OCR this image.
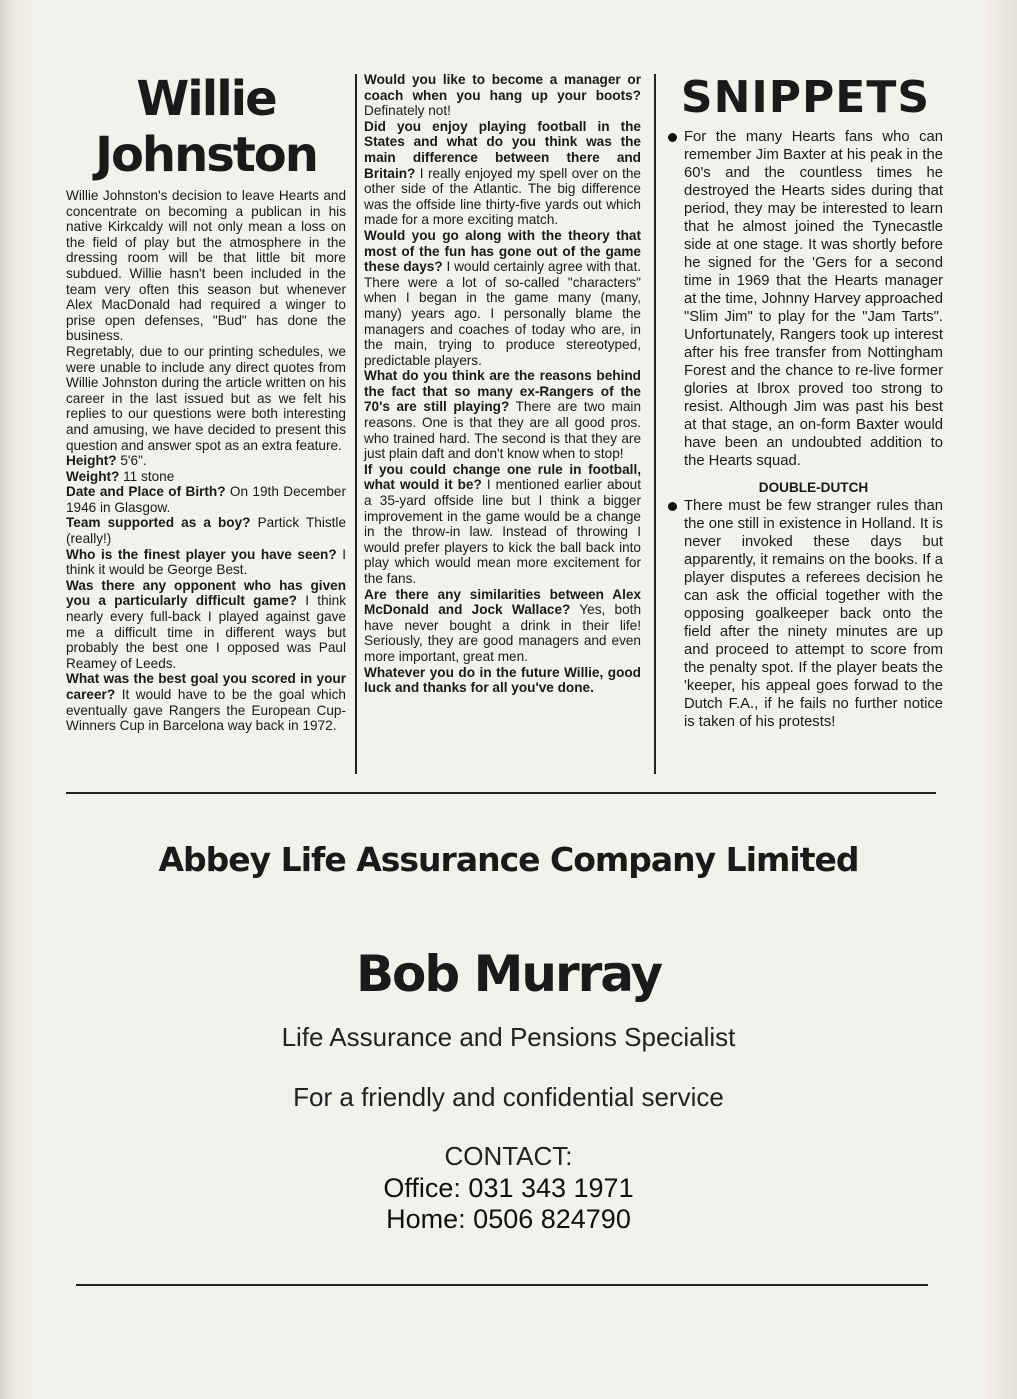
Willie
Johnston

Willie Johnston's decision to leave Hearts and concentrate on becoming a publican in his native Kirkcaldy will not only mean a loss on the field of play but the atmosphere in the dressing room will be that little bit more subdued. Willie hasn't been included in the team very often this season but whenever Alex MacDonald had required a winger to prise open defenses, "Bud" has done the business.

Regretably, due to our printing schedules, we were unable to include any direct quotes from Willie Johnston during the article written on his career in the last issued but as we felt his replies to our questions were both interesting and amusing, we have decided to present this question and answer spot as an extra feature.

Height? 5'6".

Weight? 11 stone

Date and Place of Birth? On 19th December 1946 in Glasgow.

Team supported as a boy? Partick Thistle (really!)

Who is the finest player you have seen? I think it would be George Best.

Was there any opponent who has given you a particularly difficult game? I think nearly every full-back I played against gave me a difficult time in different ways but probably the best one I opposed was Paul Reamey of Leeds.

What was the best goal you scored in your career? It would have to be the goal which eventually gave Rangers the European Cup-Winners Cup in Barcelona way back in 1972.

Would you like to become a manager or coach when you hang up your boots? Definately not!

Did you enjoy playing football in the States and what do you think was the main difference between there and Britain? I really enjoyed my spell over on the other side of the Atlantic. The big difference was the offside line thirty-five yards out which made for a more exciting match.

Would you go along with the theory that most of the fun has gone out of the game these days? I would certainly agree with that. There were a lot of so-called "characters" when I began in the game many (many, many) years ago. I personally blame the managers and coaches of today who are, in the main, trying to produce stereotyped, predictable players.

What do you think are the reasons behind the fact that so many ex-Rangers of the 70's are still playing? There are two main reasons. One is that they are all good pros. who trained hard. The second is that they are just plain daft and don't know when to stop!

If you could change one rule in football, what would it be? I mentioned earlier about a 35-yard offside line but I think a bigger improvement in the game would be a change in the throw-in law. Instead of throwing I would prefer players to kick the ball back into play which would mean more excitement for the fans.

Are there any similarities between Alex McDonald and Jock Wallace? Yes, both have never bought a drink in their life! Seriously, they are good managers and even more important, great men.

Whatever you do in the future Willie, good luck and thanks for all you've done.

SNIPPETS

For the many Hearts fans who can remember Jim Baxter at his peak in the 60's and the countless times he destroyed the Hearts sides during that period, they may be interested to learn that he almost joined the Tynecastle side at one stage. It was shortly before he signed for the 'Gers for a second time in 1969 that the Hearts manager at the time, Johnny Harvey approached "Slim Jim" to play for the "Jam Tarts". Unfortunately, Rangers took up interest after his free transfer from Nottingham Forest and the chance to re-live former glories at Ibrox proved too strong to resist. Although Jim was past his best at that stage, an on-form Baxter would have been an undoubted addition to the Hearts squad.

DOUBLE-DUTCH

There must be few stranger rules than the one still in existence in Holland. It is never invoked these days but apparently, it remains on the books. If a player disputes a referees decision he can ask the official together with the opposing goalkeeper back onto the field after the ninety minutes are up and proceed to attempt to score from the penalty spot. If the player beats the 'keeper, his appeal goes forwad to the Dutch F.A., if he fails no further notice is taken of his protests!

Abbey Life Assurance Company Limited
Bob Murray
Life Assurance and Pensions Specialist
For a friendly and confidential service
CONTACT:
Office: 031 343 1971
Home: 0506 824790
